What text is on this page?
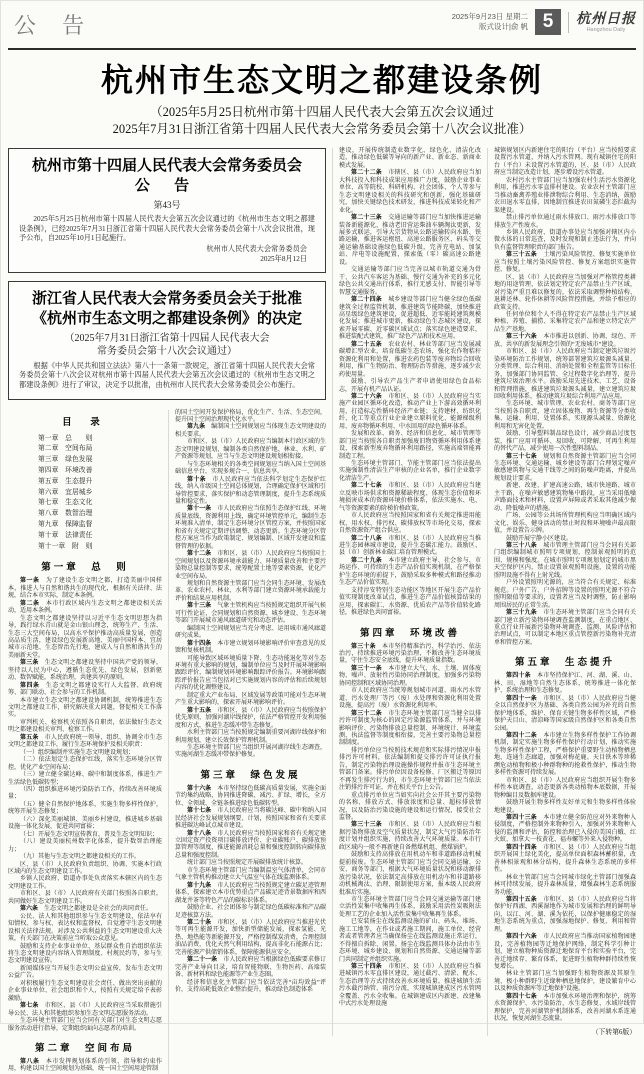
公 告	2025年9月23日 星期二
版式设计|俞 帆 5	杭州日报
Hangzhou Daily
杭州市生态文明之都建设条例
（2025年5月25日杭州市第十四届人民代表大会第五次会议通过
2025年7月31日浙江省第十四届人民代表大会常务委员会第十八次会议批准）
杭州市第十四届人民代表大会常务委员会
公 告
第43号
2025年5月25日杭州市第十四届人民代表大会第五次会议通过的《杭州市生态文明之都建设条例》，已经2025年7月31日浙江省第十四届人民代表大会常务委员会第十八次会议批准，现予公布，自2025年10月1日起施行。
杭州市人民代表大会常务委员会
2025年8月12日
浙江省人民代表大会常务委员会关于批准
《杭州市生态文明之都建设条例》的决定
（2025年7月31日浙江省第十四届人民代表大会
常务委员会第十八次会议通过）
根据《中华人民共和国立法法》第八十一条第一款规定，浙江省第十四届人民代表大会常务委员会第十八次会议对杭州市第十四届人民代表大会第五次会议通过的《杭州市生态文明之都建设条例》进行了审议，决定予以批准，由杭州市人民代表大会常务委员会公布施行。
目 录
第一章　总　　则
第二章　空间布局
第三章　绿色发展
第四章　环境改善
第五章　生态提升
第六章　宜居城乡
第七章　生态文化
第八章　数智治理
第九章　保障监督
第十章　法律责任
第十一章　附　则
第一章　总　则
第一条　为了建设生态文明之都，打造美丽中国样本，推进人与自然和谐共生的现代化，根据有关法律、法规，结合本市实际，制定本条例。
第二条　本市行政区域内生态文明之都建设相关活动，适用本条例。
生态文明之都建设坚持以习近平生态文明思想为指导，践行绿水青山就是金山银山理念，统筹生产、生活、生态三大空间布局，以高水平保护推动高质量发展，创造高品质生活，建设绿色发展新高地、美丽中国样本、宜居城市示范地、生态智治先行地，建成人与自然和谐共生的美丽新天堂。
第三条　生态文明之都建设坚持中国共产党的领导，坚持以人民为中心，遵循生态优先、绿色发展，创新驱动、数智赋能，系统治理，共建共享的原则。
第四条　生态文明之都建设实行人大监督、政府统筹、部门联动、社会参与的工作机制。
本市建立生态文明之都建设协调机制，统筹推进生态文明之都建设工作，研究解决重大问题，督促相关工作落实。
审判机关、检察机关依照各自职责，依法做好生态文明之都建设相关审判、检察工作。
第五条　市人民政府统一领导、组织、协调全市生态文明之都建设工作，履行生态环境保护及相关职责：
（一）组织编制并实施生态文明建设规划；
（二）依法划定生态保护红线，落实生态环境分区管控，优化产业空间布局；
（三）建立健全碳达峰、碳中和制度体系，推进生产生活绿色低碳转型；
（四）组织推进环境污染防治工作，持续改善环境质量；
（五）健全自然保护地体系，实施生物多样性保护，统筹开展生态修复；
（六）深化美丽城镇、美丽乡村建设，推进城乡基础设施一体化发展，促进共同富裕；
（七）开展生态文明宣传教育，普及生态文明知识；
（八）建设美丽杭州数字化体系，提升数智治理能力；
（九）其他与生态文明之都建设相关的工作。
区、县（市）人民政府负责组织、协调、实施本行政区域内的生态文明建设工作。
乡镇人民政府、街道办事处负责落实本辖区内的生态文明建设工作。
市和区、县（市）人民政府有关部门按照各自职责，共同做好生态文明建设工作。
第六条　生态文明之都建设是全社会的共同责任。
公民、法人和其他组织参与生态文明建设，依法享有知情权、参与权、表达权和监督权，自觉遵守生态文明建设相关法律法规。对涉及公共利益的生态文明建设重大决策，有关部门在决策前应当听取公众意见。
鼓励和支持企业事业单位、基层群众性自治组织依法将生态文明建设内容纳入管理制度、村规民约等，参与生态文明建设宣传。
新闻媒体应当开展生态文明公益宣传，发布生态文明公益广告。
对积极履行生态文明建设社会责任、做出突出贡献的企业事业单位、社会组织和个人，按照有关规定给予表彰激励。
第七条　市和区、县（市）人民政府应当采取措施引导公民、法人和其他组织参加生态文明志愿服务活动。
生态环境主管部门应当会同有关部门对生态文明志愿服务活动进行指导，定期组织面向志愿者的培训。
第二章　空间布局
第八条　本市发挥规划体系的引领、指导和约束作用，构建以国土空间规划为基础，统一国土空间用途管制
的国土空间开发保护格局，优化生产、生活、生态空间，提升国土空间治理现代化水平。
第九条　编制国土空间规划应当体现生态文明建设的相关要求。
市和区、县（市）人民政府应当编制本行政区域的生态文明建设规划，编制各类自然保护地、林业、水利、矿产资源等规划，应当与生态文明建设规划相衔接。
与生态环境相关的各类空间规划应当纳入国土空间基础信息平台，实现多规合一、信息共享。
第十条　市人民政府应当依法科学划定生态保护红线，纳入市级国土空间总体规划，合理确定保护区域和引导管控要求，落实保护和动态管理制度，提升生态系统质量和稳定性。
第十一条　市人民政府应当依照生态保护红线、环境质量底线、资源利用上线，确定环境管控单元，编制生态环境准入清单，制定生态环境分区管控方案，并按照国家和省有关规定定期评估调整、动态更新。生态环境分区管控方案应当作为政策制定、规划编制、区域开发建设和监督管理的依据。
第十二条　市和区、县（市）人民政府应当按照国土空间规划以及资源环境承载能力、环境质量改善和主要污染物总量控制等要求，统筹配置土地等要素资源，优化产业空间布局。
规划和自然资源主管部门应当会同生态环境、发展改革、农业农村、林业、水利等部门建立资源环境承载能力评价和结果应用机制。
第十三条　气象主管机构应当按照规定组织开展气候可行性论证，会同规划和自然资源、城乡建设、生态环境等部门开展城市通风廊道研究和动态评估。
编制国土空间规划应当充分考虑、运用城市通风廊道研究成果。
第十四条　本市建立规划环境影响评价审查意见的反馈和复核机制。
可能导致区域环境质量下降、生态功能退化等对生态环境有重大影响的规划，编制单位应当及时开展环境影响跟踪评价，编制规划环境影响跟踪评价报告。环境影响跟踪评价报告应当包括对已实施规划内容的评估和后续规划内容的优化调整建议。
制定重大产业布局、区域发展等政策可能对生态环境产生重大影响的，探索开展环境影响评价。
第十五条　市和区、县（市）人民政府应当按照保护优先原则，加强河湖岸线保护，依法严格管控开发利用强度和方式，推进生态缓冲带生态修复。
水利主管部门应当按照规定编制重要河湖岸线保护和利用规划，建立长效保护管理机制。
生态环境主管部门应当组织开展河湖岸线生态调查，实施河湖生态缓冲带保护修复。
第三章　绿色发展
第十六条　本市坚持绿色低碳高质量发展，实施全面节约集约战略，协同推进降碳、减污、扩绿、增长，全方位、全领域、全链条推进绿色低碳转型。
第十七条　市人民政府应当将碳达峰、碳中和纳入国民经济社会发展规划纲要、计划，按照国家和省有关要求推进碳达峰试点城市建设。
第十八条　市人民政府应当按照国家和省有关规定建立固定资产投资项目碳排放评价、企业碳账户、碳排放预算管理等制度，推进能源消耗总量和强度控制转向碳排放总量和强度控制。
统计部门应当按照规定开展碳排放统计核算。
市生态环境主管部门应当编制温室气体清单，会同市气象主管机构推动建立大气温室气体在线监测体系。
第十九条　市人民政府应当按照规定建立碳足迹管理体系，探索建立本市优势重点产品碳足迹背景数据库和西湖龙井茶等特色产品的碳标识体系。
鼓励企业、社会团体参与制定绿色低碳标准和产品碳足迹核算方法。
第二十条　市和区、县（市）人民政府应当推进光伏等可再生能源开发，加快新型储能发展，探索氢能、光热、地热能等新能源开发，严格控制煤炭消费，合理控制油品消费，优化天然气利用结构，提高非化石能源占比；完善能源产供储销体系，保障能源供应安全。
第二十一条　市人民政府应当根据绿色低碳要求修订完善产业导向目录，培育智能物联、生物医药、高端装备、新材料和绿色能源等产业生态圈。
经济和信息化主管部门应当依法完善“亩均效益”评价，支持高耗低效企业整治提升，推动绿色制造体系
建设，开展传统制造业数字化、绿色化、清洁化改造，推动绿色低碳等导向的新产业、新业态、新商业模式发展。
第二十二条　市辖区、县（市）人民政府应当加大科技投入和科技成果应用推广力度，鼓励企业事业单位、高等院校、科研机构、社会团体、个人等参与生态文明建设相关的科技研究和创新，强化基础研究，加快关键绿色技术研发，推进科技成果转化和产业化。
第二十三条　交通运输等部门应当加快推进运输装备新能源化，推动老旧营运柴油车辆淘汰更新，发展多式联运，引导大宗货物从公路运输转向水路、铁路运输，推进客运枢纽、高速公路服务区、码头等交通运输基础设施绿色低碳升级，完善充电站、加氢站、岸电等设施配置，探索低（零）碳高速公路建设。
交通运输等部门应当完善以城市轨道交通为骨干、公共汽车客运为基础、慢行交通为补充的多元化绿色公共交通出行体系，推行无感支付、智能引导等智慧交通服务。
第二十四条　城乡建设等部门应当健全绿色低碳建筑全过程监管机制，推进建筑节能降碳，加快推进高星级绿色建筑建设，促进超低、近零能耗建筑规模化发展；推进城市更新，推动绿色生态城区建设，探索开展零碳、近零碳区域试点；落实绿色建造要求，推进装配式建筑，推广绿色产品和技术应用。
第二十五条　农业农村、林业等部门应当发展减碳增汇型农业，培育低碳生态农场，强化农作物秸秆资源化利用和处置，推进农药包装等废弃物综合回收利用，推广生物防治、物理防治等措施，逐步减少农药使用量。
鼓励、引导农产品生产者申请使用绿色食品标志，开展有机产品认证。
第二十六条　市和区、县（市）人民政府应当实施产业园区循环化改造，推动产业上下游高效循环利用，打造标志性循环经济产业链；支持建材、纺织化纤、化工等重点行业企业建立原料优化、能源梯级利用、废弃物循环利用、中水回用的绿色循环体系。
发展和改革、商务、经济和信息化、城市管理等部门应当按照各自职责加强废旧物资循环利用体系建设，探索新型废弃物循环利用路径，实施高端智能再制造工程。
生态环境主管部门、节能主管部门应当依法提出实施强制性清洁生产审核的企业名单，推行企业数字化清洁生产。
第二十七条　市和区、县（市）人民政府应当建立反映市场供求和资源稀缺程度、体现生态价值和环境损害成本的资源环境价格体系，依法实施水、电、气等资源要素的阶梯价格政策。
市人民政府应当按照国家和省有关规定推进用能权、用水权、排污权、碳排放权等市场化交易，探索自然资源资产组合供应。
第二十八条　市和区、县（市）人民政府应当推进生态园林城市建设，提升生态碳汇能力。鼓励区、县（市）创新林业碳汇培育管理模式。
第二十九条　本市建立政府主导、社会参与、市场运作、可持续的生态产品价值实现机制，在严格保护生态环境的前提下，鼓励采取多种模式和路径推动生态产品价值实现。
支持淳安特别生态功能区等地区开展生态产品价值实现制度改革试点，推进生态产品价值核算结果的应用，探索碳汇、水资源、优质农产品等价值转化路径，推进绿色共同富裕。
第四章　环境改善
第三十条　本市坚持精准治污、科学治污、依法治污，持续推进环境污染治理，不断改善生态环境质量，守住生态安全底线，提升环境质量指数。
第三十一条　本市建立大气、水、土壤、固体废物、噪声、放射性污染协同治理制度，加强多污染物协同控制和区域协同治理。
市人民政府应当统筹规划城市河道、雨水污水管道、污水处理厂等污（废）水处理和资源化利用处置设施，提高污（废）水资源化利用率。
第三十二条　市生态环境主管部门应当健全以排污许可制度为核心的固定污染源监管体系，并与环境影响评价、污染物排放总量控制、环境统计、环境监测、执法监督等制度相衔接，完善主要污染物总量控制制度。
排污单位应当按照技术规范和实际排污情况申报排污许可材料，依法编制和提交排污许可证执行报告，制定污染物治理设施操作规程并报市生态环境主管部门备案。排污单位因设备检修、厂区搬迁等原因不再发生排污行为的，市生态环境主管部门应当依法注销排污许可证，并在相关平台上公告。
重点排污单位应当如实向社会公开其主要污染物的名称、排放方式、排放浓度和总量、超标排放情况，以及防治污染设施的建设和运行情况，接受社会监督。
第三十三条　市和区、县（市）人民政府应当根据污染物排放及空气质量状况，制定大气污染防治年度计划并组织实施，持续改善大气环境质量。本市行政区域内一般不再新建自备燃煤机组、燃煤锅炉。
鼓励和支持高排放在用机动车和非道路移动机械提前报废。生态环境主管部门应当会同交通运输、公安、商务等部门，根据大气环境质量状况和移动源排放污染状况，依法制定高排放在用机动车和非道路移动机械淘汰、治理、限制使用方案，报本级人民政府批准后实施。
市生态环境主管部门应当会同交通运输等部门建立活性炭集中收集再生体系，鼓励采用活性炭吸附法处理工艺的企业加入活性炭集中收集再生体系。
已安装扬尘在线监测设施的矿山、码头、堆场、施工工地等，在作业或者施工期间，施工单位、经营者或者管理者应当确保扬尘在线监测设施正常运行，不得擅自拆除、闲置。扬尘在线监测具体办法由市生态环境、城乡建设、规划和自然资源、交通运输等部门共同制定并组织实施。
第三十四条　市和区、县（市）人民政府应当推进城镇污水零直排区建设，通过截污、清淤、配水、生态治理等方式持续改善水环境质量。推进城镇生活污水截污纳管、雨污分流，实现城镇建成区污水管网全覆盖、污水全收集。在城镇建成区内新建、改建集中式污水处理设施
城镇规划区内新建住宅的阳台（平台）应当按照要求设置污水管道，并纳入污水管网。现有城镇住宅的阳台（平台）未设置污水管道的，区、县（市）人民政府应当制定改造计划，逐步增设污水管道。
农村污水主管部门应当加强农村生活污水资源化利用，推进污水零直排村建设。农业农村主管部门应当推动畜禽养殖业排泄物综合利用、生态消纳，鼓励农田退水零直排，因地制宜推进农田氮磷生态拦截沟渠建设。
禁止排污单位通过雨水排放口、雨污水排放口等排放生产性废水。
乡镇人民政府、街道办事处应当加强对辖区内小微水体的日常巡查，及时发现和制止违法行为，并向负有监督管理职责的部门报告。
第三十五条　土壤污染风险管控、修复实施单位应当按照土壤污染风险管控、修复方案组织实施管控、修复。
区、县（市）人民政府应当加强对严格管控类耕地的用途管理，依法划定特定农产品禁止生产区域，对污染严重且难以修复的，依法采取调整种植结构、退耕还林、轮作休耕等风险管控措施，并给予相应的政策支持。
任何单位和个人不得在特定农产品禁止生产区域种植、养殖、捕捞、采集特定农产品和建立特定农产品生产基地。
第三十六条　本市推进以创新、协调、绿色、开放、共享的新发展理念引领的“无废城市”建设。
市和区、县（市）人民政府应当制定建筑垃圾污染环境防治工作规划，统筹部署建筑垃圾源头减量、分类管理、综合利用、消纳处置和全程监管等目标任务，加强部门协同监管、全过程数字化治理等，提升建筑垃圾治理水平。鼓励采用先进技术、工艺、设备和管理措施，推进建筑垃圾源头减量，建立建筑垃圾回收利用体系，推动建筑垃圾综合利用产品应用。
生态环境、城市管理、农业农村、商务等部门应当按照各自职责，建立固体废物、再生资源等分类收集、运输、利用、处置体系，实现源头减量、资源化利用和无害化处置。
鼓励、引导塑料制品绿色设计，减少商品过度包装，推广应用可循环、易回收、可降解、可再生利用的替代产品，减少使用一次性塑料制品。
第三十七条　规划和自然资源主管部门应当会同生态环境、交通运输、城乡建设等部门合理划定噪声敏感建筑物与交通干线等之间的防噪声距离，并提出规划设计要求。
新建、改建、扩建高速公路、城市快速路、城市主干路，在噪声敏感建筑物集中路段，应当采用低噪声路面技术和材料，设置声屏障或者采取其他减少振动、降低噪声的措施。
广场、公园等公共场所管理机构应当明确区域内文化、娱乐、健身活动的禁止时段和环境噪声最高限值，并设置告示牌。
鼓励开展宁静小区建设。
第三十八条　城市管理主管部门应当会同有关部门组织编制城市照明专项规划，控制景观照明的范围、规模和强度。在城市照明专项规划划定的城市黑天空保护区内，禁止设置景观照明设施，设置的功能照明设施不得有上射光线。
户外设置照明光源的，应当符合有关规定、标准规范。户外广告、户外招牌等设置的照明光源不符合照明限值等要求的，设置者应当及时调整，防止影响周围居民的正常生活。
第三十九条　市生态环境主管部门应当会同有关部门建立新污染物环境调查监测制度，在重点地区、重点行业开展新污染物环境调查、监测、风险评估和治理试点，可以制定本地区重点管控新污染物补充清单和管控方案。
第五章　生态提升
第四十条　本市坚持保护江、河、湖、溪、山、林、田、湿地等自然生态体系，统筹推进一体化保护、系统治理和生态修复。
第四十一条　市和区、县（市）人民政府应当健全以自然保护区为基础、各类自然公园为补充的自然保护地体系，维护、保育关键生物多样性区域，严格保护天目山、清凉峰等国家级自然保护区和各类自然公园。
第四十二条　本市建立生物多样性保护工作协调机制，制定实施生物多样性保护行动计划，推动实施生物多样性保护工程，严格保护重要野生动植物栖息地，连通生态廊道，加强对梅花鹿、天目铁木等珍稀濒危动植物和极小种群物种的抢救性保护，推动生物多样性资源可持续发展。
市和区、县（市）人民政府应当组织开展生物多样性本底调查，动态更新各类动植物本底数据，开展物种编目及数据库建设。
鼓励开展生物多样性友好单元和生物多样性体验地建设。
第四十三条　本市建立健全防范应对外来物种入侵制度，严格控制外来物种引入，加强对外来物种入侵的监测和评估，防控和治理已入侵的美国白蛾、红火蚁、加拿大一枝黄花、福寿螺等外来入侵物种。
第四十四条　市和区、县（市）人民政府应当组织开展国土绿化美化，提高单位面积森林蓄积量，改善林相景观和林分结构，提升森林生态系统的多样性。
林业主管部门应当会同城市绿化主管部门加强森林可持续发展，提升森林质量，增强森林生态系统服务功能。
第四十五条　市和区、县（市）人民政府应当将保护好西湖、西溪湿地作为城市发展和治理的鲜明导向，以江、河、湖、溪为依托，以保护健康稳定的湿地生态系统为重点，加强湿地保护、修复、利用和管理。
第四十六条　市人民政府应当推动国家植物园建设，完善植物园等迁地保护网络，制定科学引种计划，建立植物种质资源迁地保育平台和实验平台，完善迁地续存、繁育体系，促进野生植物种群持续性恢复增长。
林业主管部门应当加强野生植物资源及其原生境、极小种群野生近缘种栖息地保护，建设繁育中心以及种质资源库等迁地保护设施。
第四十七条　本市加强水环境治理和保护，统筹水资源保护、水污染防治、水生态修复、水域岸线管理保护，完善河湖管护机制体系，改善河湖水系连通状况，恢复河湖生态流量。
（下转第6版）
